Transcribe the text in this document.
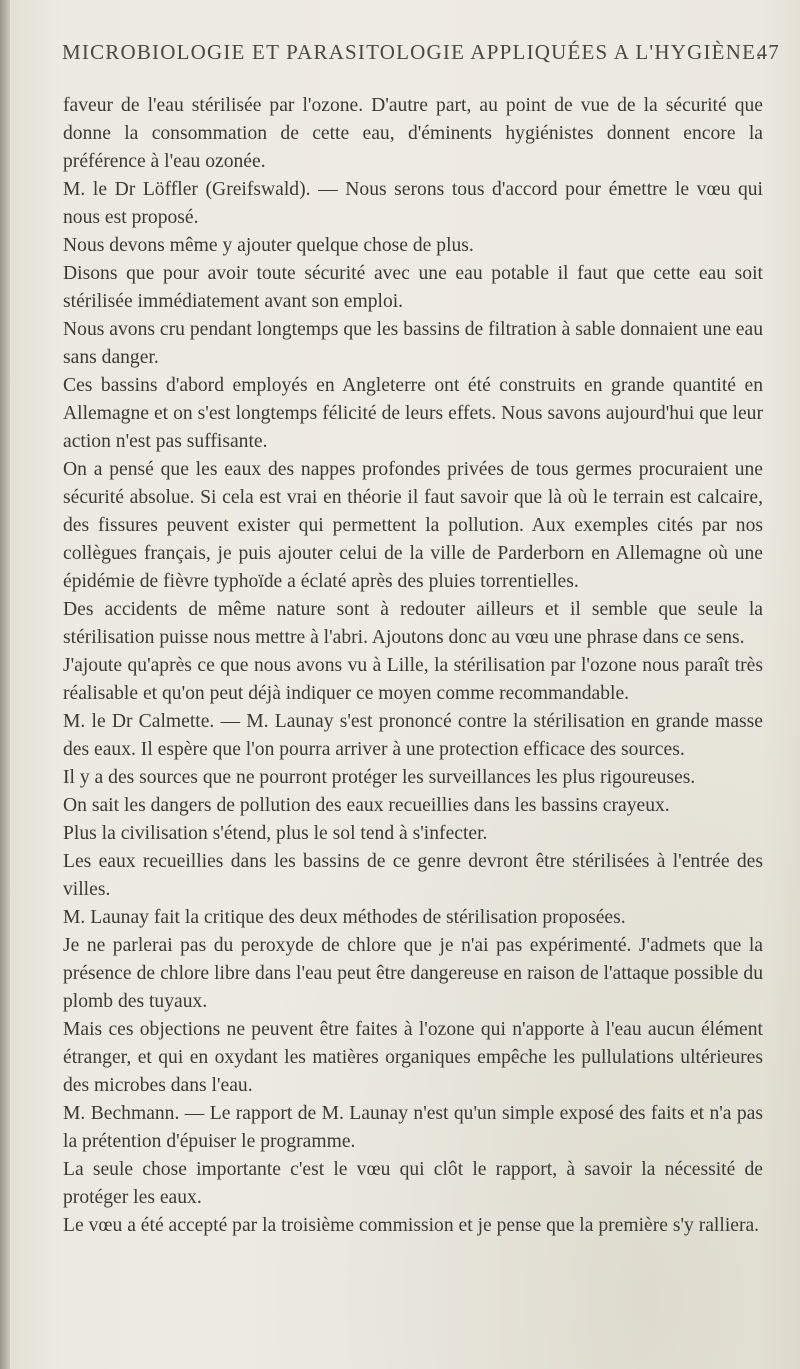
MICROBIOLOGIE ET PARASITOLOGIE APPLIQUÉES A L'HYGIÈNE.
47

faveur de l'eau stérilisée par l'ozone. D'autre part, au point de vue de la sécurité que donne la consommation de cette eau, d'éminents hygiénistes donnent encore la préférence à l'eau ozonée.

M. le Dr Löffler (Greifswald). — Nous serons tous d'accord pour émettre le vœu qui nous est proposé.

Nous devons même y ajouter quelque chose de plus.

Disons que pour avoir toute sécurité avec une eau potable il faut que cette eau soit stérilisée immédiatement avant son emploi.

Nous avons cru pendant longtemps que les bassins de filtration à sable donnaient une eau sans danger.

Ces bassins d'abord employés en Angleterre ont été construits en grande quantité en Allemagne et on s'est longtemps félicité de leurs effets. Nous savons aujourd'hui que leur action n'est pas suffisante.

On a pensé que les eaux des nappes profondes privées de tous germes procuraient une sécurité absolue. Si cela est vrai en théorie il faut savoir que là où le terrain est calcaire, des fissures peuvent exister qui permettent la pollution. Aux exemples cités par nos collègues français, je puis ajouter celui de la ville de Parderborn en Allemagne où une épidémie de fièvre typhoïde a éclaté après des pluies torrentielles.

Des accidents de même nature sont à redouter ailleurs et il semble que seule la stérilisation puisse nous mettre à l'abri. Ajoutons donc au vœu une phrase dans ce sens.

J'ajoute qu'après ce que nous avons vu à Lille, la stérilisation par l'ozone nous paraît très réalisable et qu'on peut déjà indiquer ce moyen comme recommandable.

M. le Dr Calmette. — M. Launay s'est prononcé contre la stérilisation en grande masse des eaux. Il espère que l'on pourra arriver à une protection efficace des sources.

Il y a des sources que ne pourront protéger les surveillances les plus rigoureuses.

On sait les dangers de pollution des eaux recueillies dans les bassins crayeux.

Plus la civilisation s'étend, plus le sol tend à s'infecter.

Les eaux recueillies dans les bassins de ce genre devront être stérilisées à l'entrée des villes.

M. Launay fait la critique des deux méthodes de stérilisation proposées.

Je ne parlerai pas du peroxyde de chlore que je n'ai pas expérimenté. J'admets que la présence de chlore libre dans l'eau peut être dangereuse en raison de l'attaque possible du plomb des tuyaux.

Mais ces objections ne peuvent être faites à l'ozone qui n'apporte à l'eau aucun élément étranger, et qui en oxydant les matières organiques empêche les pullulations ultérieures des microbes dans l'eau.

M. Bechmann. — Le rapport de M. Launay n'est qu'un simple exposé des faits et n'a pas la prétention d'épuiser le programme.

La seule chose importante c'est le vœu qui clôt le rapport, à savoir la nécessité de protéger les eaux.

Le vœu a été accepté par la troisième commission et je pense que la première s'y ralliera.
